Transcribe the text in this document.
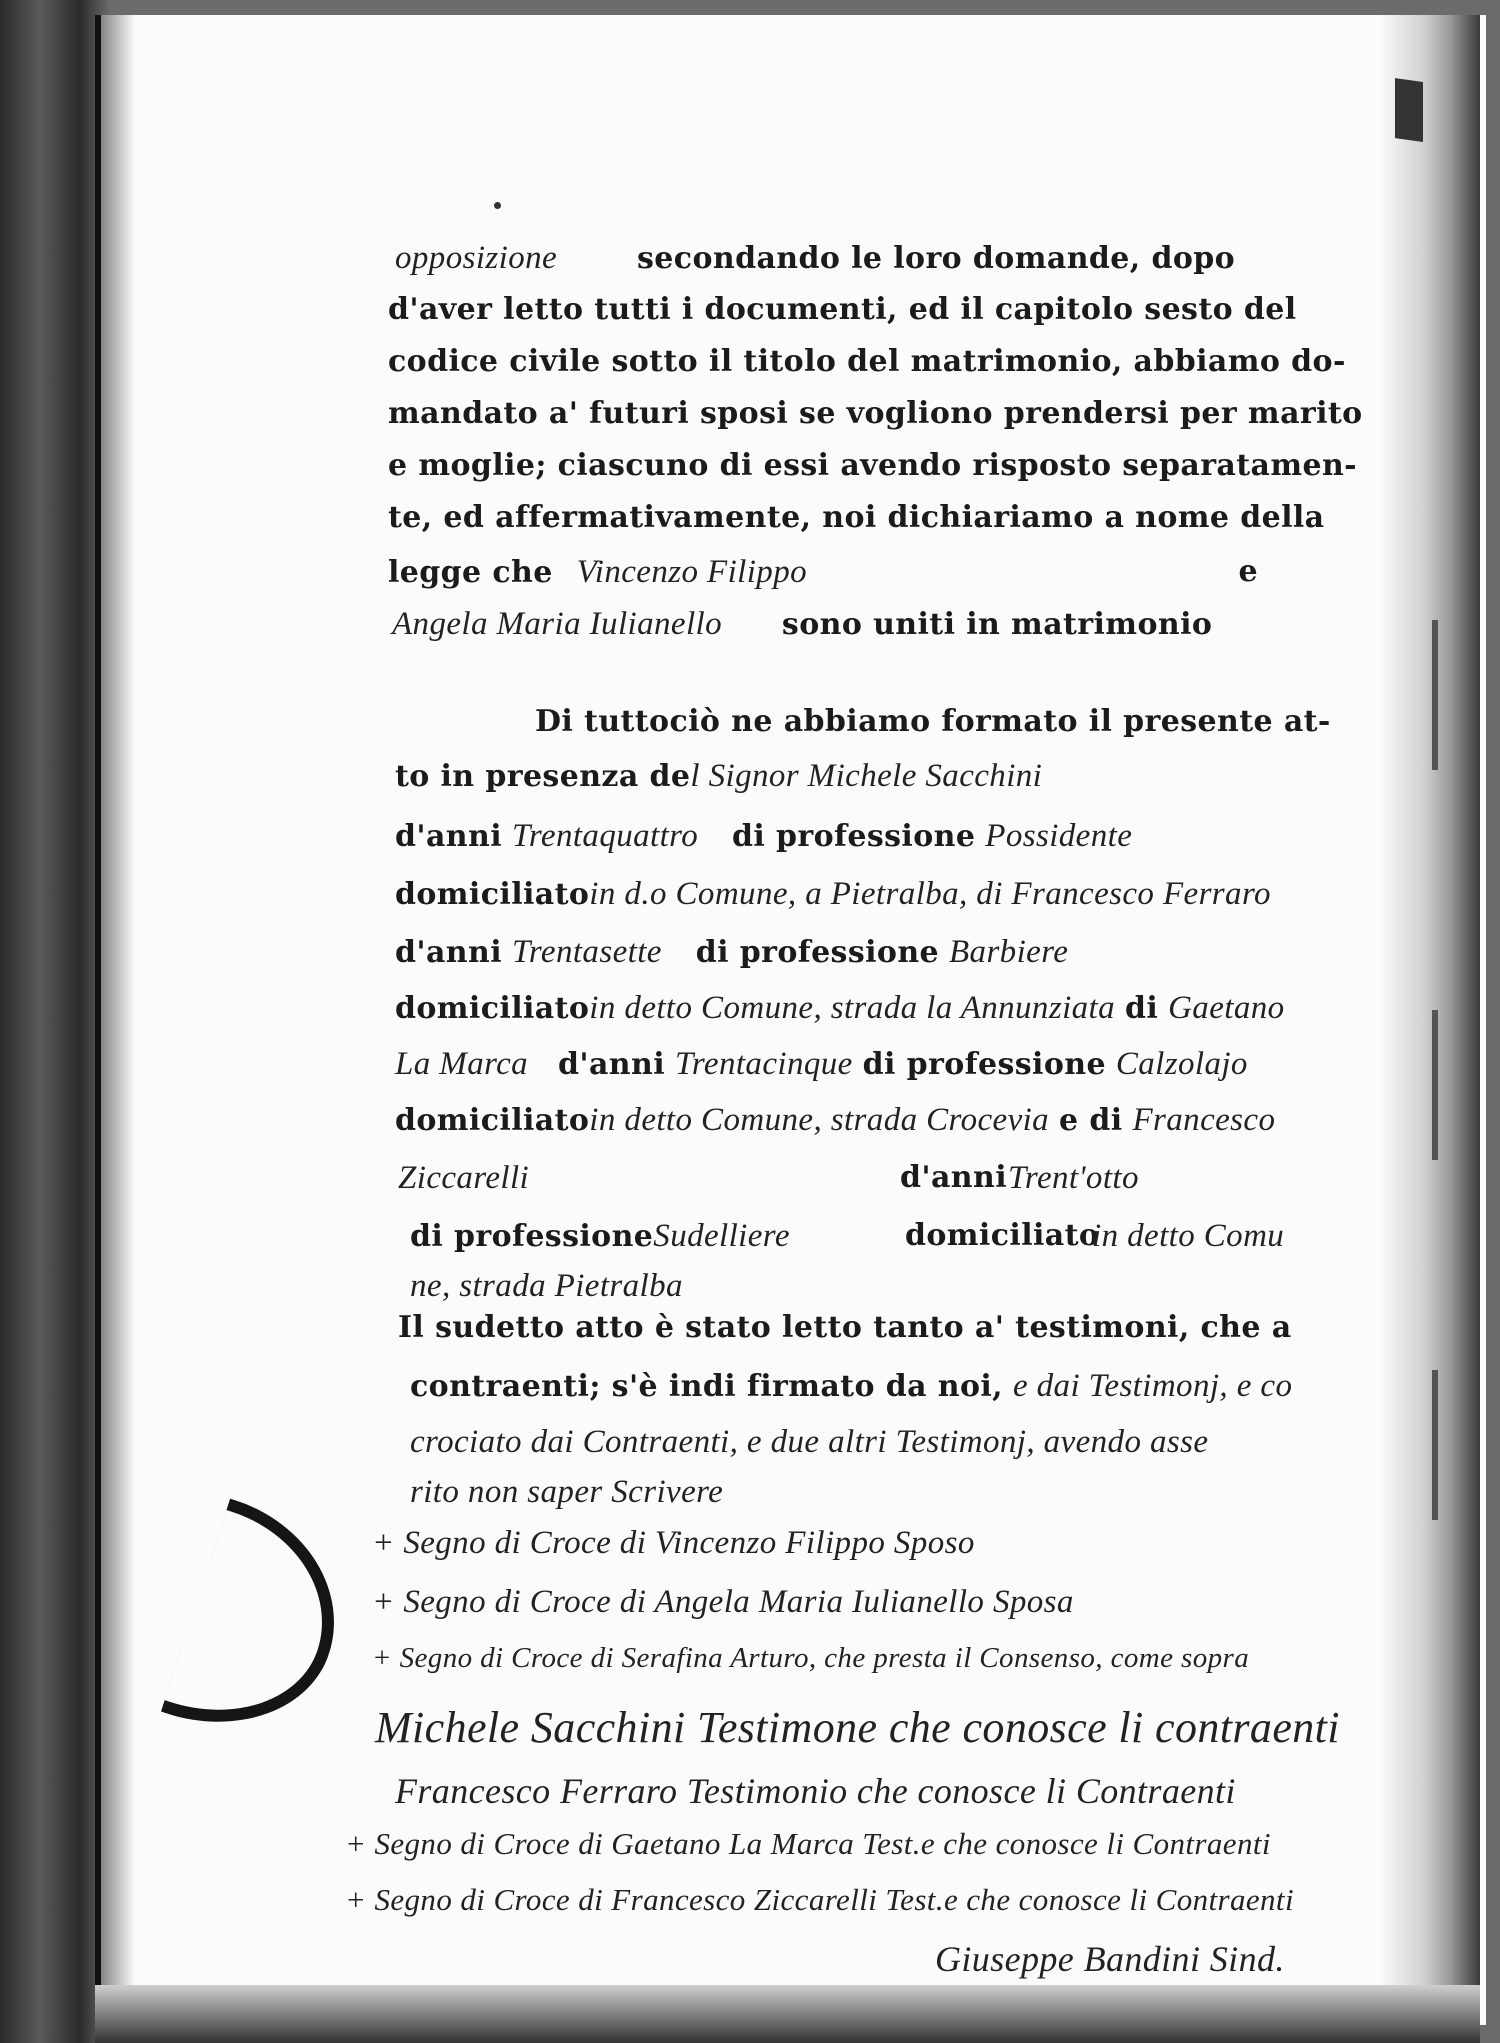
opposizione	secondando le loro domande, dopo
d'aver letto tutti i documenti, ed il capitolo sesto del
codice civile sotto il titolo del matrimonio, abbiamo do-
mandato a' futuri sposi se vogliono prendersi per marito
e moglie; ciascuno di essi avendo risposto separatamen-
te, ed affermativamente, noi dichiariamo a nome della
legge che Vincenzo Filippo	e
Angela Maria Iulianello sono uniti in matrimonio
Di tuttociò ne abbiamo formato il presente at-
to in presenza del Signor Michele Sacchini
d'anni Trentaquattro di professione Possidente
domiciliatoin d.o Comune, a Pietralba, di Francesco Ferraro
d'anni Trentasette di professione Barbiere
domiciliatoin detto Comune, strada la Annunziata di Gaetano
La Marca d'anni Trentacinque di professione Calzolajo
domiciliatoin detto Comune, strada Crocevia e di Francesco
Ziccarelli	d'anni Trent'otto
di professioneSudelliere	domiciliato
in detto Comu
ne, strada Pietralba
Il sudetto atto è stato letto tanto a' testimoni, che a
contraenti; s'è indi firmato da noi, e dai Testimonj, e co
crociato dai Contraenti, e due altri Testimonj, avendo asse
rito non saper Scrivere
+ Segno di Croce di Vincenzo Filippo Sposo
+ Segno di Croce di Angela Maria Iulianello Sposa
+ Segno di Croce di Serafina Arturo, che presta il Consenso, come sopra
Michele Sacchini Testimone che conosce li contraenti
Francesco Ferraro Testimonio che conosce li Contraenti
+ Segno di Croce di Gaetano La Marca Test.e che conosce li Contraenti
+ Segno di Croce di Francesco Ziccarelli Test.e che conosce li Contraenti
Giuseppe Bandini Sind.
